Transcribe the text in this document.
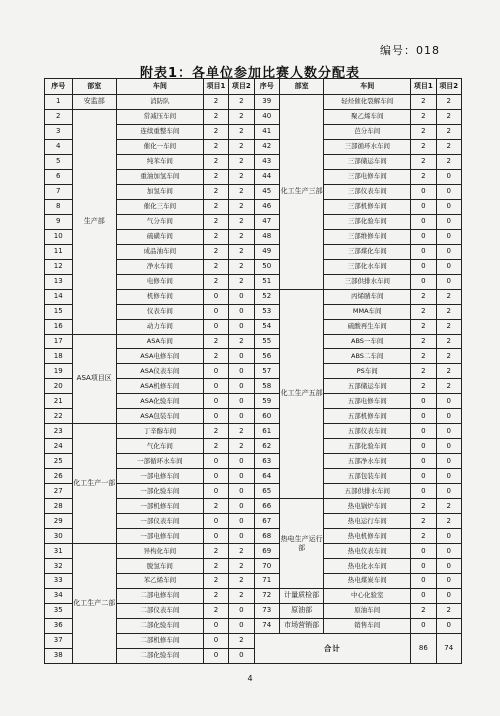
编号：018
附表1：各单位参加比赛人数分配表
序号	部室	车间	项目1	项目2	序号	部室	车间	项目1	项目2

1	安监部	消防队	2	2	39	化工生产三部	轻烃催化裂解车间	2	2
2	生产部	常减压车间	2	2	40		聚乙烯车间	2	2
3		连续重整车间	2	2	41		芭分车间	2	2
4		催化一车间	2	2	42		三部循环水车间	2	2
5		纯苯车间	2	2	43		三部储运车间	2	2
6		重油加氢车间	2	2	44		三部电修车间	2	0
7		加氢车间	2	2	45		三部仪表车间	0	0
8		催化三车间	2	2	46		三部机修车间	0	0
9		气分车间	2	2	47		三部化验车间	0	0
10		硫磺车间	2	2	48		三部维修车间	0	0
11		成品油车间	2	2	49		三部煤化车间	0	0
12		净水车间	2	2	50		三部化水车间	0	0
13		电修车间	2	2	51		三部供排水车间	0	0
14		机修车间	0	0	52	化工生产五部	丙烯腈车间	2	2
15		仪表车间	0	0	53		MMA车间	2	2
16		动力车间	0	0	54		硫酸再生车间	2	2
17	ASA项目区	ASA车间	2	2	55		ABS一车间	2	2
18		ASA电修车间	2	0	56		ABS二车间	2	2
19		ASA仪表车间	0	0	57		PS车间	2	2
20		ASA机修车间	0	0	58		五部储运车间	2	2
21		ASA化验车间	0	0	59		五部电修车间	0	0
22		ASA包装车间	0	0	60		五部机修车间	0	0
23	化工生产一部	丁辛醇车间	2	2	61		五部仪表车间	0	0
24		气化车间	2	2	62		五部化验车间	0	0
25		一部循环水车间	0	0	63		五部净水车间	0	0
26		一部电修车间	0	0	64		五部包装车间	0	0
27		一部化验车间	0	0	65		五部供排水车间	0	0
28		一部机修车间	2	0	66	热电生产运行部	热电锅炉车间	2	2
29		一部仪表车间	0	0	67		热电运行车间	2	2
30		一部电修车间	0	0	68		热电机修车间	2	0
31	化工生产二部	异构化车间	2	2	69		热电仪表车间	0	0
32		脱氢车间	2	2	70		热电化水车间	0	0
33		苯乙烯车间	2	2	71		热电煤炭车间	0	0
34		二部电修车间	2	2	72	计量质检部	中心化验室	0	0
35		二部仪表车间	2	0	73	原油部	原油车间	2	2
36		二部化验车间	0	0	74	市场营销部	销售车间	0	0
37		二部机修车间	0	2	合计			86	74
38		二部化验车间	0	0					
4
